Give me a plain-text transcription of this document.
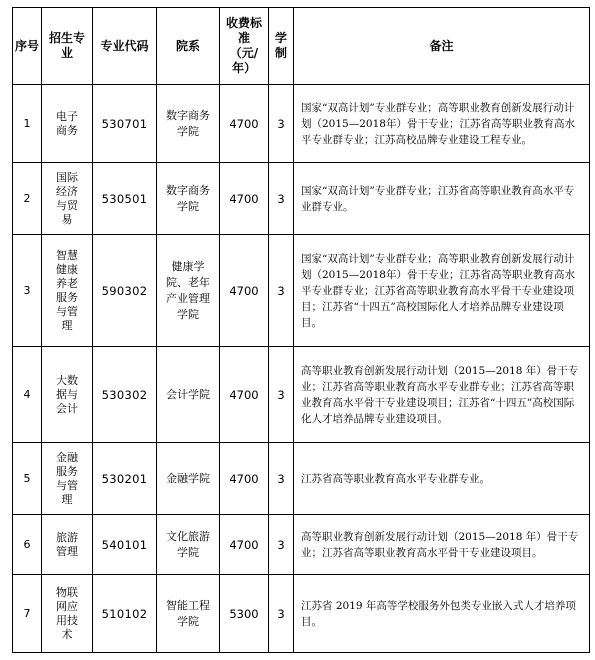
序号	招生专业	专业代码	院系	收费标准（元/年）	学制	备注
1	电子商务	530701	数字商务学院	4700	3	国家“双高计划”专业群专业；高等职业教育创新发展行动计划（2015—2018年）骨干专业；江苏省高等职业教育高水平专业群专业；江苏高校品牌专业建设工程专业。
2	国际经济与贸易	530501	数字商务学院	4700	3	国家“双高计划”专业群专业；江苏省高等职业教育高水平专业群专业。
3	智慧健康养老服务与管理	590302	健康学院、老年产业管理学院	4700	3	国家“双高计划”专业群专业；高等职业教育创新发展行动计划（2015—2018年）骨干专业；江苏省高等职业教育高水平专业群专业；江苏省高等职业教育高水平骨干专业建设项目；江苏省“十四五”高校国际化人才培养品牌专业建设项目。
4	大数据与会计	530302	会计学院	4700	3	高等职业教育创新发展行动计划（2015—2018 年）骨干专业；江苏省高等职业教育高水平专业群专业；江苏省高等职业教育高水平骨干专业建设项目；江苏省“十四五”高校国际化人才培养品牌专业建设项目。
5	金融服务与管理	530201	金融学院	4700	3	江苏省高等职业教育高水平专业群专业。
6	旅游管理	540101	文化旅游学院	4700	3	高等职业教育创新发展行动计划（2015—2018 年）骨干专业；江苏省高等职业教育高水平骨干专业建设项目。
7	物联网应用技术	510102	智能工程学院	5300	3	江苏省 2019 年高等学校服务外包类专业嵌入式人才培养项目。
